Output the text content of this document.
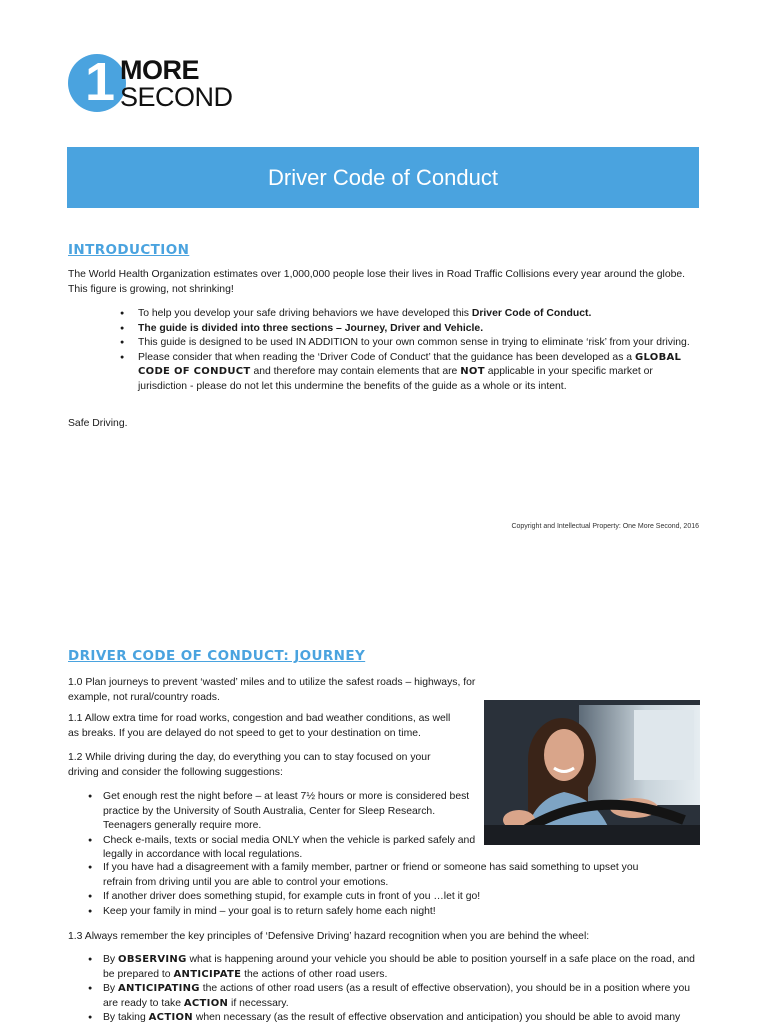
1 MORE
SECOND
Driver Code of Conduct
INTRODUCTION
The World Health Organization estimates over 1,000,000 people lose their lives in Road Traffic Collisions every year around the globe. This figure is growing, not shrinking!
● To help you develop your safe driving behaviors we have developed this Driver Code of Conduct.
● The guide is divided into three sections – Journey, Driver and Vehicle.
● This guide is designed to be used IN ADDITION to your own common sense in trying to eliminate ‘risk’ from your driving.
● Please consider that when reading the ‘Driver Code of Conduct’ that the guidance has been developed as a GLOBAL CODE OF CONDUCT and therefore may contain elements that are NOT applicable in your specific market or jurisdiction - please do not let this undermine the benefits of the guide as a whole or its intent.
Safe Driving.
Copyright and Intellectual Property: One More Second, 2016
DRIVER CODE OF CONDUCT: JOURNEY
1.0 Plan journeys to prevent ‘wasted’ miles and to utilize the safest roads – highways, for example, not rural/country roads.
1.1 Allow extra time for road works, congestion and bad weather conditions, as well as breaks. If you are delayed do not speed to get to your destination on time.
1.2 While driving during the day, do everything you can to stay focused on your driving and consider the following suggestions:
● Get enough rest the night before – at least 7½ hours or more is considered best practice by the University of South Australia, Center for Sleep Research. Teenagers generally require more.
● Check e-mails, texts or social media ONLY when the vehicle is parked safely and legally in accordance with local regulations.
● If you have had a disagreement with a family member, partner or friend or someone has said something to upset you refrain from driving until you are able to control your emotions.
● If another driver does something stupid, for example cuts in front of you …let it go!
● Keep your family in mind – your goal is to return safely home each night!
1.3 Always remember the key principles of ‘Defensive Driving’ hazard recognition when you are behind the wheel:
● By OBSERVING what is happening around your vehicle you should be able to position yourself in a safe place on the road, and be prepared to ANTICIPATE the actions of other road users.
● By ANTICIPATING the actions of other road users (as a result of effective observation), you should be in a position where you are ready to take ACTION if necessary.
● By taking ACTION when necessary (as the result of effective observation and anticipation) you should be able to avoid many
